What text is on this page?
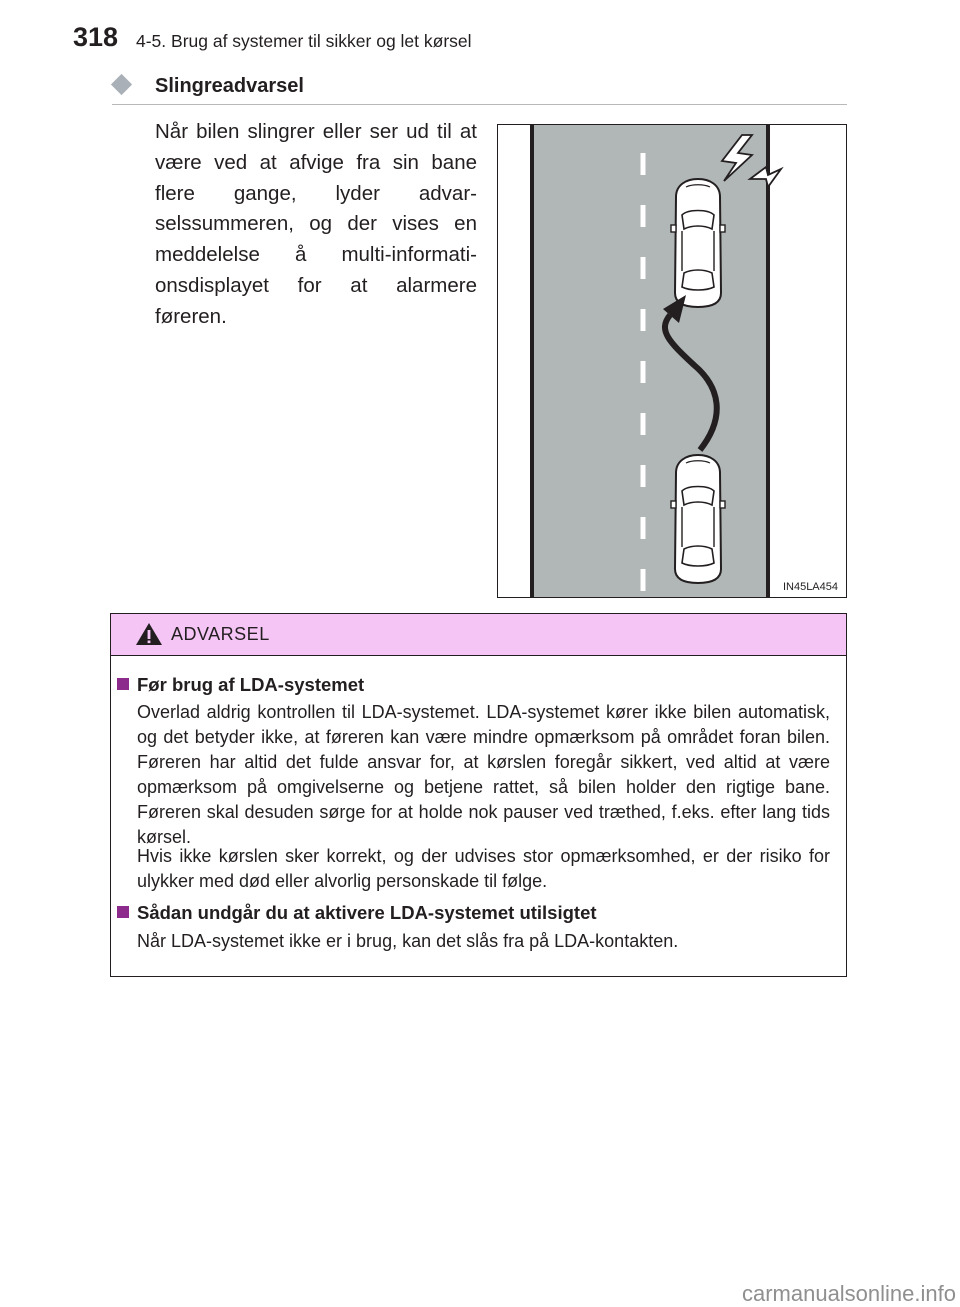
318 4-5. Brug af systemer til sikker og let kørsel
Slingreadvarsel
Når bilen slingrer eller ser ud til at være ved at afvige fra sin bane flere gange, lyder advarselssummeren, og der vises en meddelelse å multi-informationsdisplayet for at alarmere føreren.
IN45LA454
ADVARSEL
Før brug af LDA-systemet
Overlad aldrig kontrollen til LDA-systemet. LDA-systemet kører ikke bilen automatisk, og det betyder ikke, at føreren kan være mindre opmærksom på området foran bilen. Føreren har altid det fulde ansvar for, at kørslen foregår sikkert, ved altid at være opmærksom på omgivelserne og betjene rattet, så bilen holder den rigtige bane. Føreren skal desuden sørge for at holde nok pauser ved træthed, f.eks. efter lang tids kørsel.
Hvis ikke kørslen sker korrekt, og der udvises stor opmærksomhed, er der risiko for ulykker med død eller alvorlig personskade til følge.
Sådan undgår du at aktivere LDA-systemet utilsigtet
Når LDA-systemet ikke er i brug, kan det slås fra på LDA-kontakten.
carmanualsonline.info
